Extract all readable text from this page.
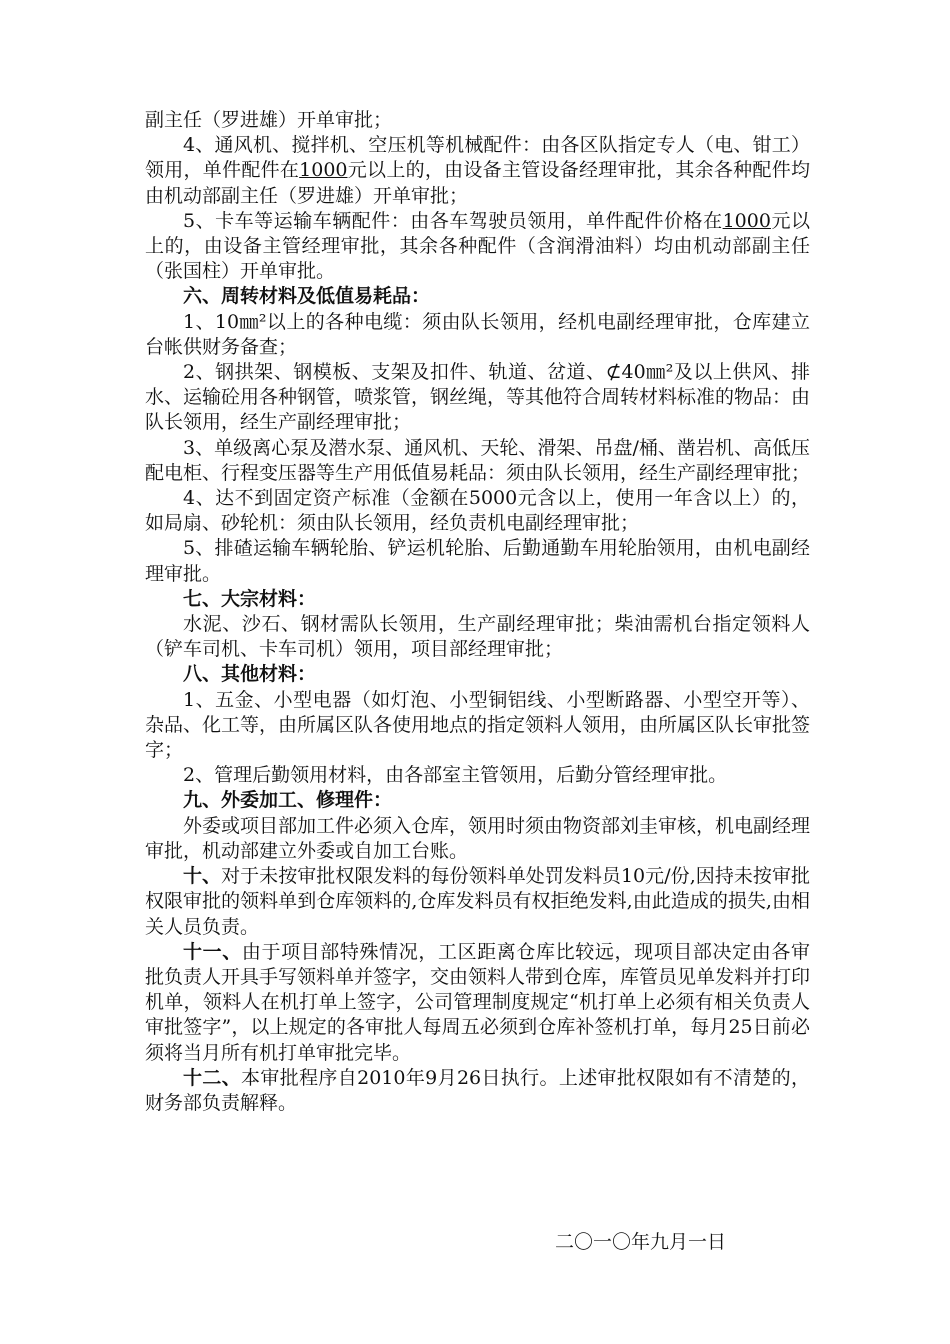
副主任（罗进雄）开单审批；

4、通风机、搅拌机、空压机等机械配件：由各区队指定专人（电、钳工）领用，单件配件在1000元以上的，由设备主管设备经理审批，其余各种配件均由机动部副主任（罗进雄）开单审批；

5、卡车等运输车辆配件：由各车驾驶员领用，单件配件价格在1000元以上的，由设备主管经理审批，其余各种配件（含润滑油料）均由机动部副主任（张国柱）开单审批。

六、周转材料及低值易耗品：

1、10㎜²以上的各种电缆：须由队长领用，经机电副经理审批，仓库建立台帐供财务备查；

2、钢拱架、钢模板、支架及扣件、轨道、岔道、⊄40㎜²及以上供风、排水、运输砼用各种钢管，喷浆管，钢丝绳，等其他符合周转材料标准的物品：由队长领用，经生产副经理审批；

3、单级离心泵及潜水泵、通风机、天轮、滑架、吊盘/桶、凿岩机、高低压配电柜、行程变压器等生产用低值易耗品：须由队长领用，经生产副经理审批；

4、达不到固定资产标准（金额在5000元含以上，使用一年含以上）的，如局扇、砂轮机：须由队长领用，经负责机电副经理审批；

5、排碴运输车辆轮胎、铲运机轮胎、后勤通勤车用轮胎领用，由机电副经理审批。

七、大宗材料：

水泥、沙石、钢材需队长领用，生产副经理审批；柴油需机台指定领料人（铲车司机、卡车司机）领用，项目部经理审批；

八、其他材料：

1、五金、小型电器（如灯泡、小型铜铝线、小型断路器、小型空开等）、杂品、化工等，由所属区队各使用地点的指定领料人领用，由所属区队长审批签字；

2、管理后勤领用材料，由各部室主管领用，后勤分管经理审批。

九、外委加工、修理件：

外委或项目部加工件必须入仓库，领用时须由物资部刘圭审核，机电副经理审批，机动部建立外委或自加工台账。

十、对于未按审批权限发料的每份领料单处罚发料员10元/份,因持未按审批权限审批的领料单到仓库领料的,仓库发料员有权拒绝发料,由此造成的损失,由相关人员负责。

十一、由于项目部特殊情况，工区距离仓库比较远，现项目部决定由各审批负责人开具手写领料单并签字，交由领料人带到仓库，库管员见单发料并打印机单，领料人在机打单上签字，公司管理制度规定“机打单上必须有相关负责人审批签字”，以上规定的各审批人每周五必须到仓库补签机打单，每月25日前必须将当月所有机打单审批完毕。

十二、本审批程序自2010年9月26日执行。上述审批权限如有不清楚的，财务部负责解释。

二〇一〇年九月一日
